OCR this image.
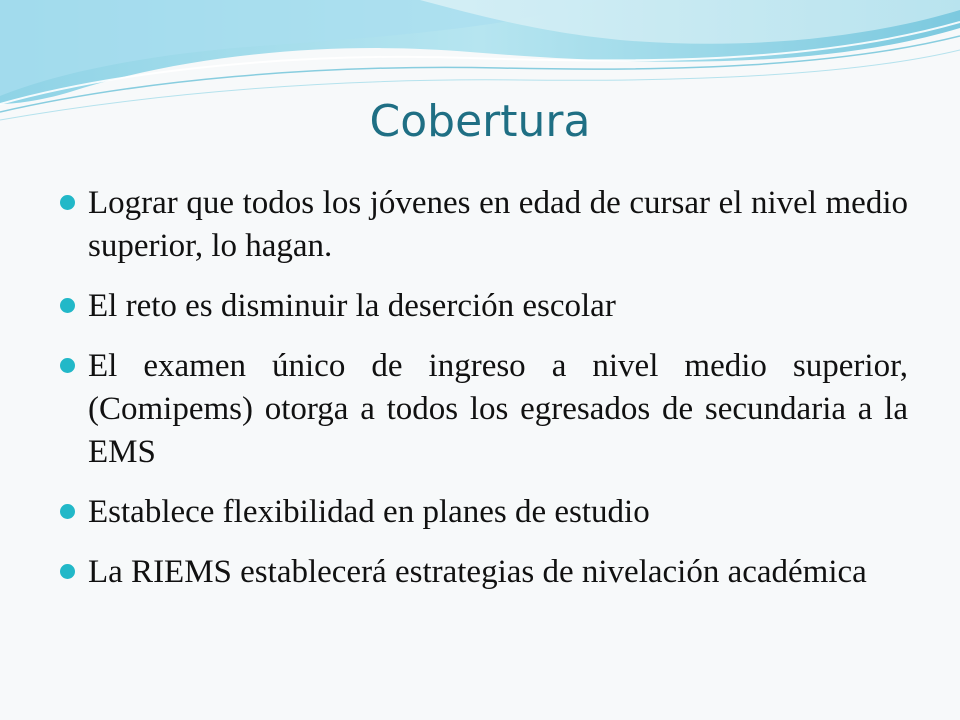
Cobertura
Lograr que todos los jóvenes en edad de cursar el nivel medio superior, lo hagan.
El reto es disminuir la deserción escolar
El examen único de ingreso a nivel medio superior, (Comipems) otorga a todos los egresados de secundaria a la EMS
Establece flexibilidad en planes de estudio
La RIEMS establecerá estrategias de nivelación académica
